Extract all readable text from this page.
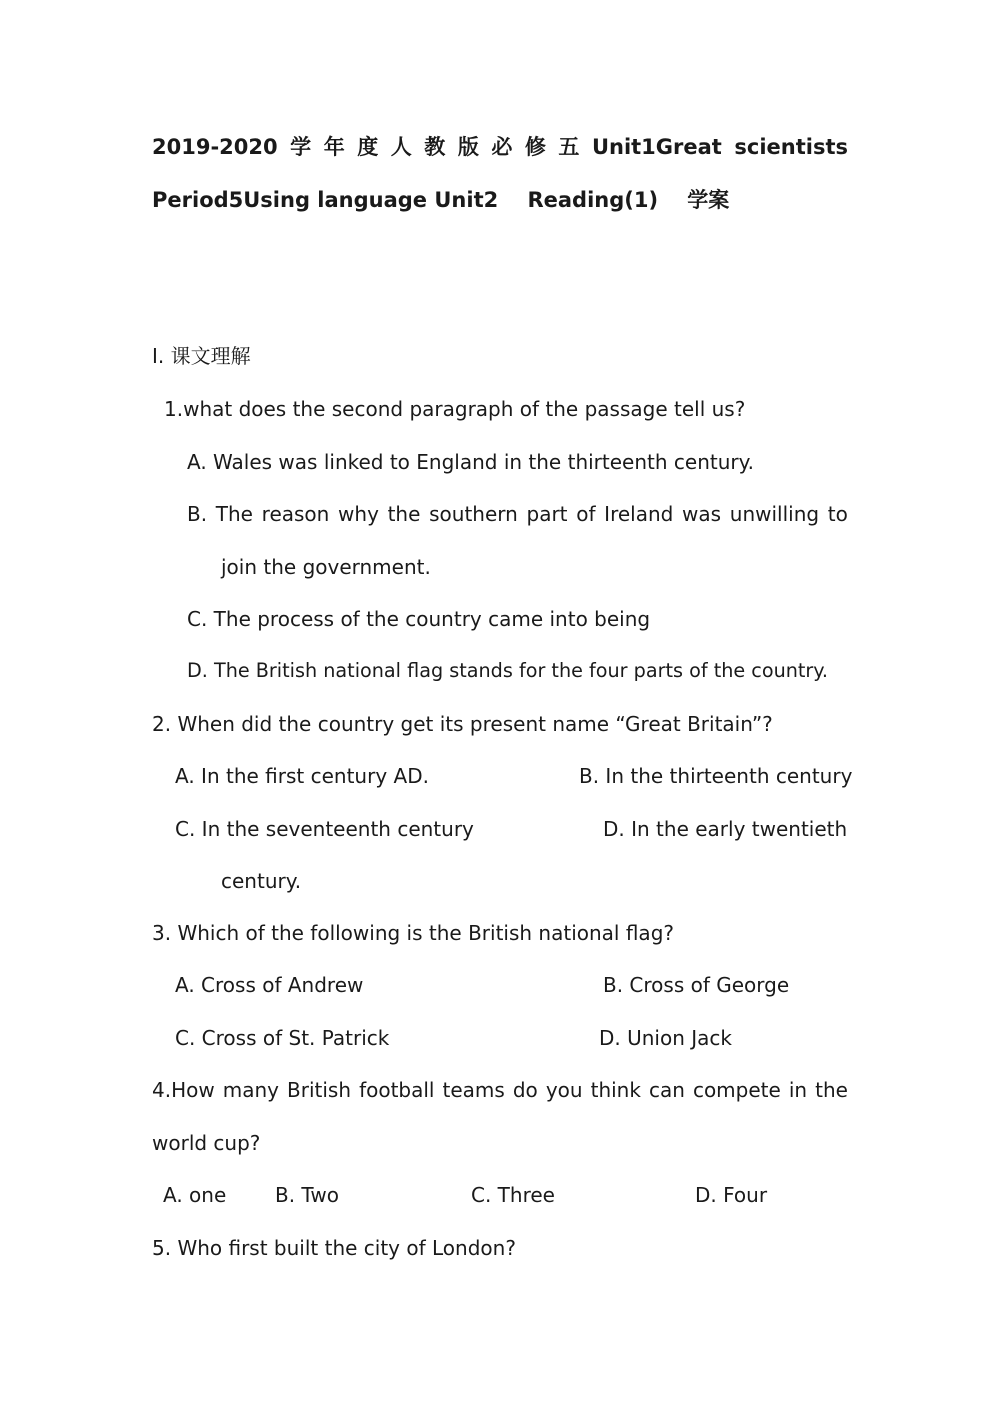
2019-2020 学 年 度 人 教 版 必 修 五 Unit1Great scientists
Period5Using language Unit2    Reading(1)    学案
I. 课文理解
1.what does the second paragraph of the passage tell us?
A. Wales was linked to England in the thirteenth century.
B. The reason why the southern part of Ireland was unwilling to
join the government.
C. The process of the country came into being
D. The British national flag stands for the four parts of the country.
2. When did the country get its present name “Great Britain”?
A. In the first century AD.	B. In the thirteenth century
C. In the seventeenth century	D. In the early twentieth
century.
3. Which of the following is the British national flag?
A. Cross of Andrew	B. Cross of George
C. Cross of St. Patrick	D. Union Jack
4.How many British football teams do you think can compete in the
world cup?
A. one B. Two	C. Three	D. Four
5. Who first built the city of London?
